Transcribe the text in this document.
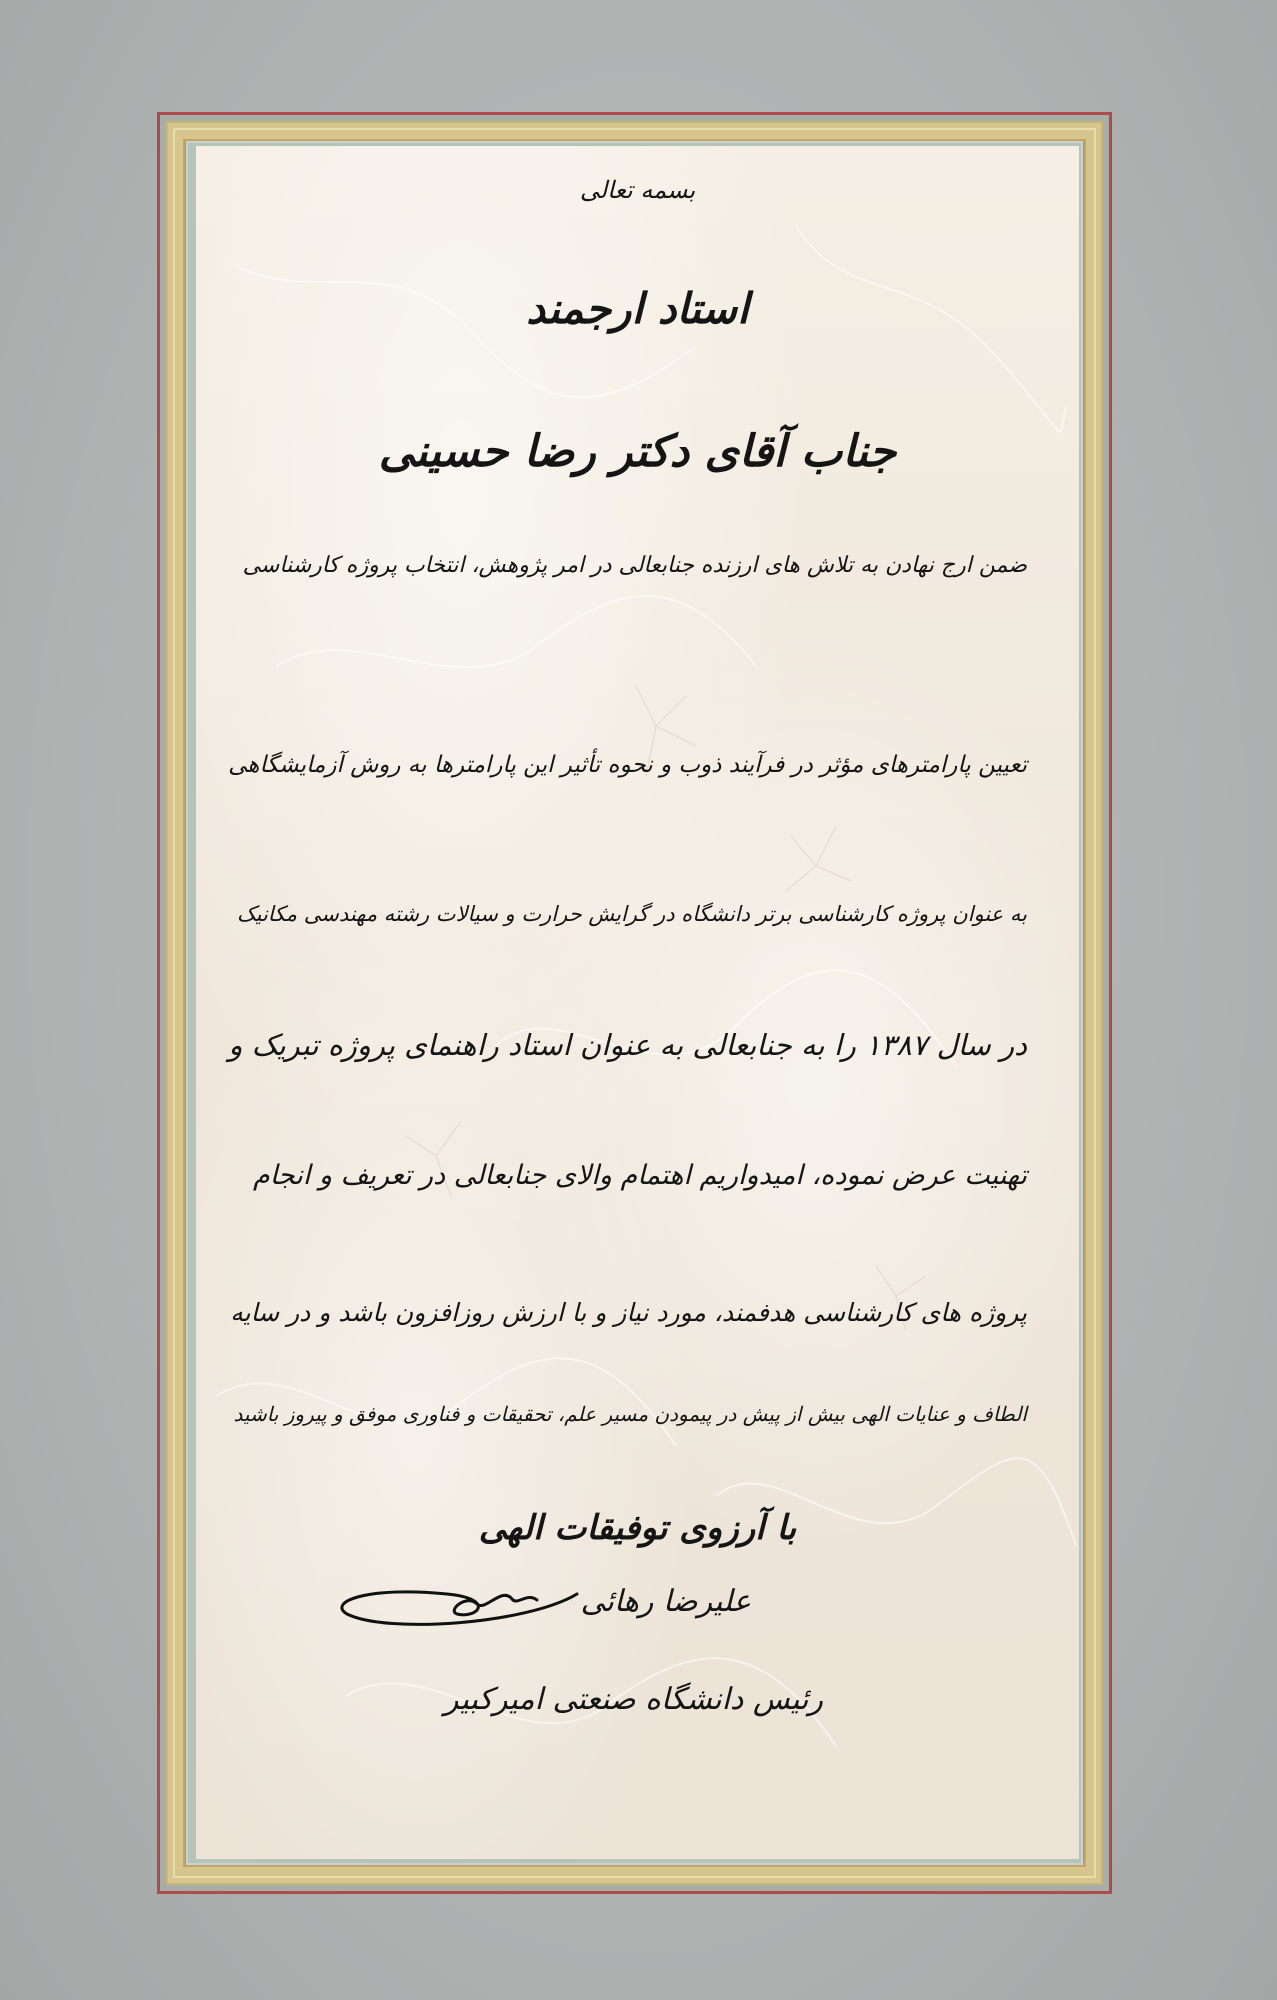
بسمه تعالی
استاد ارجمند
جناب آقای دکتر رضا حسینی
ضمن ارج نهادن به تلاش های ارزنده جنابعالی در امر پژوهش، انتخاب پروژه کارشناسی
تعیین پارامترهای مؤثر در فرآیند ذوب و نحوه تأثیر این پارامترها به روش آزمایشگاهی
به عنوان پروژه کارشناسی برتر دانشگاه در گرایش حرارت و سیالات رشته مهندسی مکانیک
در سال ۱۳۸۷ را به جنابعالی به عنوان استاد راهنمای پروژه تبریک و
تهنیت عرض نموده، امیدواریم اهتمام والای جنابعالی در تعریف و انجام
پروژه های کارشناسی هدفمند، مورد نیاز و با ارزش روزافزون باشد و در سایه
الطاف و عنایات الهی بیش از پیش در پیمودن مسیر علم، تحقیقات و فناوری موفق و پیروز باشید
با آرزوی توفیقات الهی
علیرضا رهائی
رئیس دانشگاه صنعتی امیرکبیر
